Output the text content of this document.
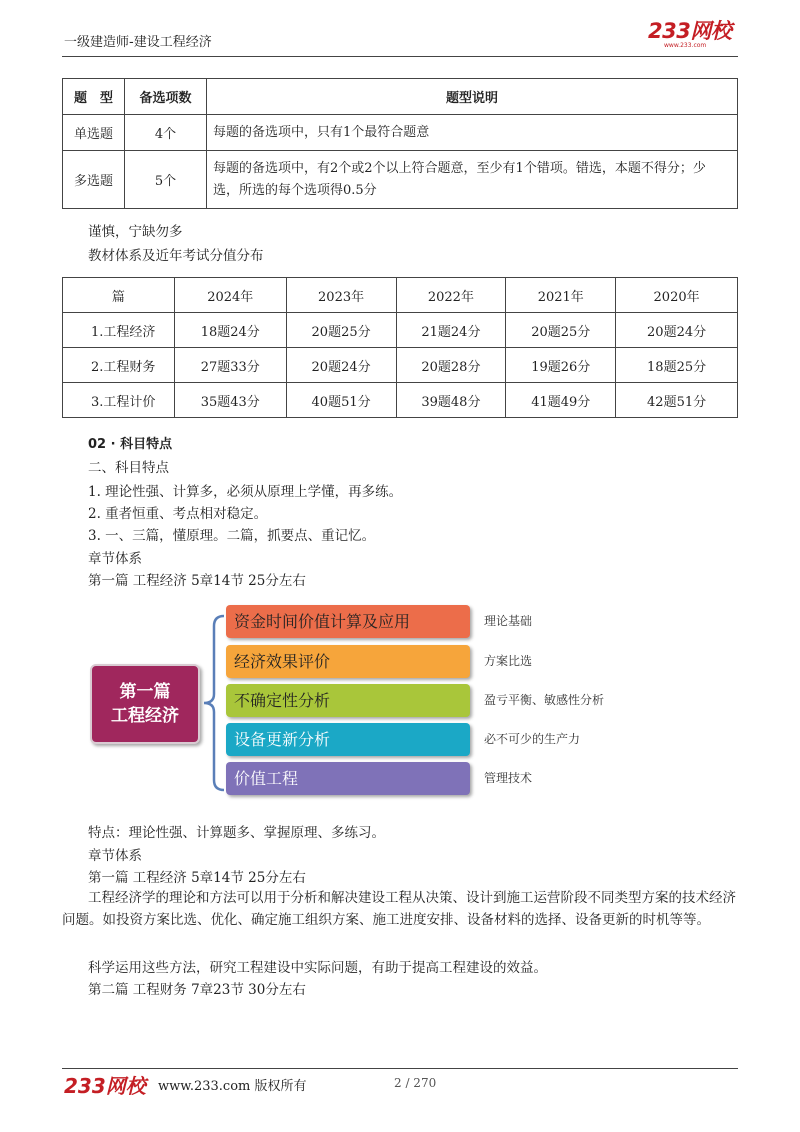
一级建造师-建设工程经济	233网校
www.233.com
题　型	备选项数	题型说明
单选题	4个	每题的备选项中，只有1个最符合题意
多选题	5个	每题的备选项中，有2个或2个以上符合题意，至少有1个错项。错选，本题不得分；少选，所选的每个选项得0.5分
谨慎，宁缺勿多
教材体系及近年考试分值分布
篇	2024年	2023年	2022年	2021年	2020年
1.工程经济	18题24分	20题25分	21题24分	20题25分	20题24分
2.工程财务	27题33分	20题24分	20题28分	19题26分	18题25分
3.工程计价	35题43分	40题51分	39题48分	41题49分	42题51分
02 · 科目特点
二、科目特点
1. 理论性强、计算多，必须从原理上学懂，再多练。
2. 重者恒重、考点相对稳定。
3. 一、三篇，懂原理。二篇，抓要点、重记忆。
章节体系
第一篇 工程经济 5章14节 25分左右
第一篇
工程经济
资金时间价值计算及应用	理论基础
经济效果评价	方案比选
不确定性分析	盈亏平衡、敏感性分析
设备更新分析	必不可少的生产力
价值工程	管理技术
特点：理论性强、计算题多、掌握原理、多练习。
章节体系
第一篇 工程经济 5章14节 25分左右
工程经济学的理论和方法可以用于分析和解决建设工程从决策、设计到施工运营阶段不同类型方案的技术经济问题。如投资方案比选、优化、确定施工组织方案、施工进度安排、设备材料的选择、设备更新的时机等等。
科学运用这些方法，研究工程建设中实际问题，有助于提高工程建设的效益。
第二篇 工程财务 7章23节 30分左右
233网校 www.233.com 版权所有	2 / 270
